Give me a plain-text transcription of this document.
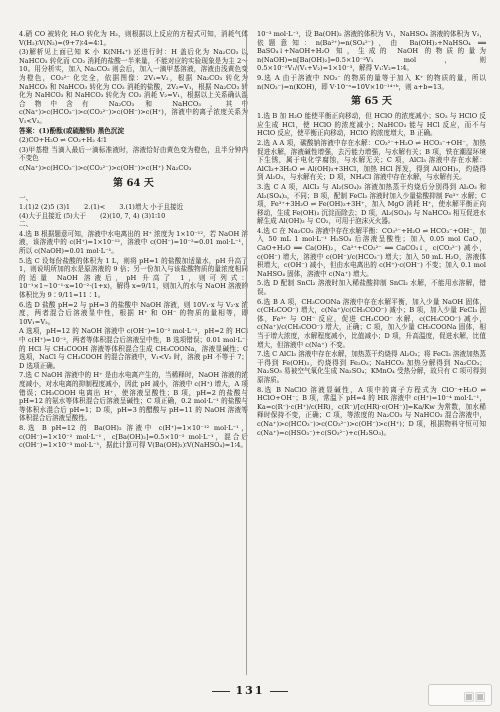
4.硝 CO 被转化 H₂O 转化为 H₂，则根据以上反应的方程式可知，消耗气体 V(H₂)∶V(N₂)=(9+7)∶4=4∶1。

(3)解析见上面已知 K 小 K(NH₄⁺) 还进行时：H 盖后化为 Na₂CO₃ 以 NaHCO₃ 转化而 CO₂ 消耗的盐酸一半来量，不能对应的实验现象是为主 2～10。用分析实，加入 Na₂CO₃ 则会后，加入一滴甲基溶液，溶液由浅黄色变为橙色，CO₃²⁻ 化完全，依据图像：2V₁=V₂，根据 Na₂CO₃ 转化为 NaHCO₃ 和 NaHCO₃ 转化为 CO₂ 消耗的盐酸，2V₂=V₁，根据 Na₂CO₃ 转化为 NaHCO₃ 和 NaHCO₃ 转化为 CO₂ 消耗 V₂=V₁，根据以上关系确认混合物中含有 Na₂CO₃ 和 NaHCO₃，其中 c(Na⁺)>c(HCO₃⁻)>c(CO₃²⁻)>c(OH⁻)>c(H⁺)，溶液中的离子浓度关系为 V₁<V₂。

答案：(1)酚酞(或硫酸钡) 黑色沉淀

(2)CO+H₂O ⇌ CO₂+H₂ 4∶1

(3)甲基橙 当滴入最后一滴标准液时，溶液恰好由黄色变为橙色，且半分钟内不变色

c(Na⁺)>c(HCO₃⁻)>c(CO₃²⁻)>c(OH⁻)>c(H⁺) Na₂CO₃

第 64 天

一、

1.(1)2 (2)5 (3)1 2.(1)< 3.(1)增大 小于且接近
(4)大于且接近 (5)大于 (2)(10, 7, 4) (3)1∶10

二、

4.选 B 根据题意可知，溶液中水电离出的 H⁺ 浓度为 1×10⁻¹²，若 NaOH 溶液，该溶液中的 c(H⁺)=1×10⁻¹²，溶液中 c(OH⁻)=10⁻²=0.01 mol·L⁻¹，所以 c(NaOH)=0.01 mol·L⁻¹。

5.选 C 设每份盐酸的体积为 1 L，则将 pH=1 的盐酸加适量水，pH 升高了 1，则说明所加的水是原溶液的 9 倍；另一份加入与该盐酸物质的量浓度相同的适量 NaOH 溶液后，pH 升高了 1，则可列式：10⁻¹×1−10⁻¹·x=10⁻²·(1+x)，解得 x=9/11，则加入的水与 NaOH 溶液的体积比为 9∶9/11=11∶1。

6.选 D 盐酸 pH=2 与 pH=3 的盐酸中 NaOH 溶液，则 10V₁·x 与 V₂·x 浓度，两者混合后溶液显中性，根据 H⁺ 和 OH⁻ 的物质的量相等，即 10V₁=V₂。

A 选项，pH=12 的 NaOH 溶液中 c(OH⁻)=10⁻² mol·L⁻¹，pH=2 的 HCl 中 c(H⁺)=10⁻²，两者等体积混合后溶液呈中性，B 选项错误；0.01 mol·L⁻¹ 的 HCl 与 CH₃COOH 溶液等体积混合生成 CH₃COONa，溶液显碱性；C 选项，NaCl 与 CH₃COOH 的混合溶液中，V₁<V₂ 时，溶液 pH 不等于 7；D 选项正确。

7.选 C NaOH 溶液中的 H⁺ 是由水电离产生的，当稀释时，NaOH 溶液的浓度减小，对水电离的抑制程度减小，因此 pH 减小，溶液中 c(H⁺) 增大，A 项错误；CH₃COOH 电离出 H⁺，使溶液呈酸性；B 项，pH=2 的盐酸与 pH=12 的氨水等体积混合后溶液呈碱性；C 项正确，0.2 mol·L⁻¹ 的盐酸与等体积水混合后 pH=1；D 项，pH=3 的醋酸与 pH=11 的 NaOH 溶液等体积混合后溶液呈酸性。

8.选 B pH=12 的 Ba(OH)₂ 溶液中 c(H⁺)=1×10⁻¹² mol·L⁻¹，c(OH⁻)=1×10⁻² mol·L⁻¹，c[Ba(OH)₂]=0.5×10⁻² mol·L⁻¹，混合后 c(OH⁻)=1×10⁻³ mol·L⁻¹，据此计算可得 V(Ba(OH)₂)∶V(NaHSO₄)=1∶4。

10⁻³ mol·L⁻¹，设 Ba(OH)₂ 溶液的体积为 V₁，NaHSO₄ 溶液的体积为 V₂，依题意知：n(Ba²⁺)=n(SO₄²⁻)，由 Ba(OH)₂+NaHSO₄ ══ BaSO₄↓+NaOH+H₂O 知，生成的 NaOH 的物质的量为 n(NaOH)=n[Ba(OH)₂]=0.5×10⁻²V₁ mol，则 0.5×10⁻²V₁/(V₁+V₂)=1×10⁻³，解得 V₁∶V₂=1∶4。

9.选 A 由于溶液中 NO₃⁻ 的物质的量等于加入 K⁺ 的物质的量，所以 n(NO₃⁻)=n(KOH)，即 V·10⁻ᵃ=10V×10⁻¹⁴⁺ᵇ，则 a+b=13。

第 65 天

1.选 B 加 H₂O 能使平衡正向移动，但 HClO 的浓度减小；SO₂ 与 HClO 反应生成 HCl，使 HClO 的浓度减小；NaHCO₃ 能与 HCl 反应，而不与 HClO 反应，使平衡正向移动，HClO 的浓度增大，B 正确。

2.选 A A 项，碳酸钠溶液中存在水解：CO₃²⁻+H₂O ⇌ HCO₃⁻+OH⁻，加热促进水解，溶液碱性增强，去污能力增强，与水解有关；B 项，铁在潮湿环境下生锈，属于电化学腐蚀，与水解无关；C 项，AlCl₃ 溶液中存在水解：AlCl₃+3H₂O ⇌ Al(OH)₃+3HCl，加热 HCl 挥发，得到 Al(OH)₃，灼烧得到 Al₂O₃，与水解有关；D 项，NH₄Cl 溶液中存在水解，与水解有关。

3.选 C A 项，AlCl₃ 与 Al₂(SO₄)₃ 溶液加热蒸干灼烧后分别得到 Al₂O₃ 和 Al₂(SO₄)₃，不同；B 项，配制 FeCl₃ 溶液时加入少量盐酸抑制 Fe³⁺ 水解；C 项，Fe³⁺+3H₂O ⇌ Fe(OH)₃+3H⁺，加入 MgO 消耗 H⁺，使水解平衡正向移动，生成 Fe(OH)₃ 沉淀而除去；D 项，Al₂(SO₄)₃ 与 NaHCO₃ 相互促进水解生成 Al(OH)₃ 与 CO₂，可用于泡沫灭火器。

4.选 C 在 Na₂CO₃ 溶液中存在水解平衡：CO₃²⁻+H₂O ⇌ HCO₃⁻+OH⁻，加入 50 mL 1 mol·L⁻¹ H₂SO₄ 后溶液呈酸性；加入 0.05 mol CaO，CaO+H₂O ══ Ca(OH)₂，Ca²⁺+CO₃²⁻ ══ CaCO₃↓，c(CO₃²⁻) 减小，c(OH⁻) 增大，溶液中 c(OH⁻)/c(HCO₃⁻) 增大；加入 50 mL H₂O，溶液体积增大，c(OH⁻) 减小，但由水电离出的 c(H⁺)·c(OH⁻) 不变；加入 0.1 mol NaHSO₄ 固体，溶液中 c(Na⁺) 增大。

5.选 D 配制 SnCl₂ 溶液时加入稀盐酸抑制 SnCl₂ 水解，不能用水溶解，错误。

6.选 B A 项，CH₃COONa 溶液中存在水解平衡，加入少量 NaOH 固体，c(CH₃COO⁻) 增大，c(Na⁺)/c(CH₃COO⁻) 减小；B 项，加入少量 FeCl₃ 固体，Fe³⁺ 与 OH⁻ 反应，促进 CH₃COO⁻ 水解，c(CH₃COO⁻) 减小，c(Na⁺)/c(CH₃COO⁻) 增大，正确；C 项，加入少量 CH₃COONa 固体，相当于增大浓度，水解程度减小，比值减小；D 项，升高温度，促进水解，比值增大，但溶液中 c(Na⁺) 不变。

7.选 C AlCl₃ 溶液中存在水解，加热蒸干灼烧得 Al₂O₃；将 FeCl₃ 溶液加热蒸干得到 Fe(OH)₃，灼烧得到 Fe₂O₃；NaHCO₃ 加热分解得到 Na₂CO₃；Na₂SO₃ 易被空气氧化生成 Na₂SO₄；KMnO₄ 受热分解，故只有 C 项可得到原溶质。

8.选 B NaClO 溶液显碱性，A 项中的离子方程式为 ClO⁻+H₂O ⇌ HClO+OH⁻；B 项，常温下 pH=4 的 HR 溶液中 c(H⁺)=10⁻⁴ mol·L⁻¹，Ka=c(R⁻)·c(H⁺)/c(HR)，c(R⁻)/[c(HR)·c(OH⁻)]=Ka/Kw 为常数，加水稀释时保持不变，正确；C 项，等浓度的 Na₂CO₃ 与 NaHCO₃ 混合溶液中，c(Na⁺)>c(HCO₃⁻)>c(CO₃²⁻)>c(OH⁻)>c(H⁺)；D 项，根据物料守恒可知 c(Na⁺)=c(HSO₃⁻)+c(SO₃²⁻)+c(H₂SO₃)。

131	▣▣
